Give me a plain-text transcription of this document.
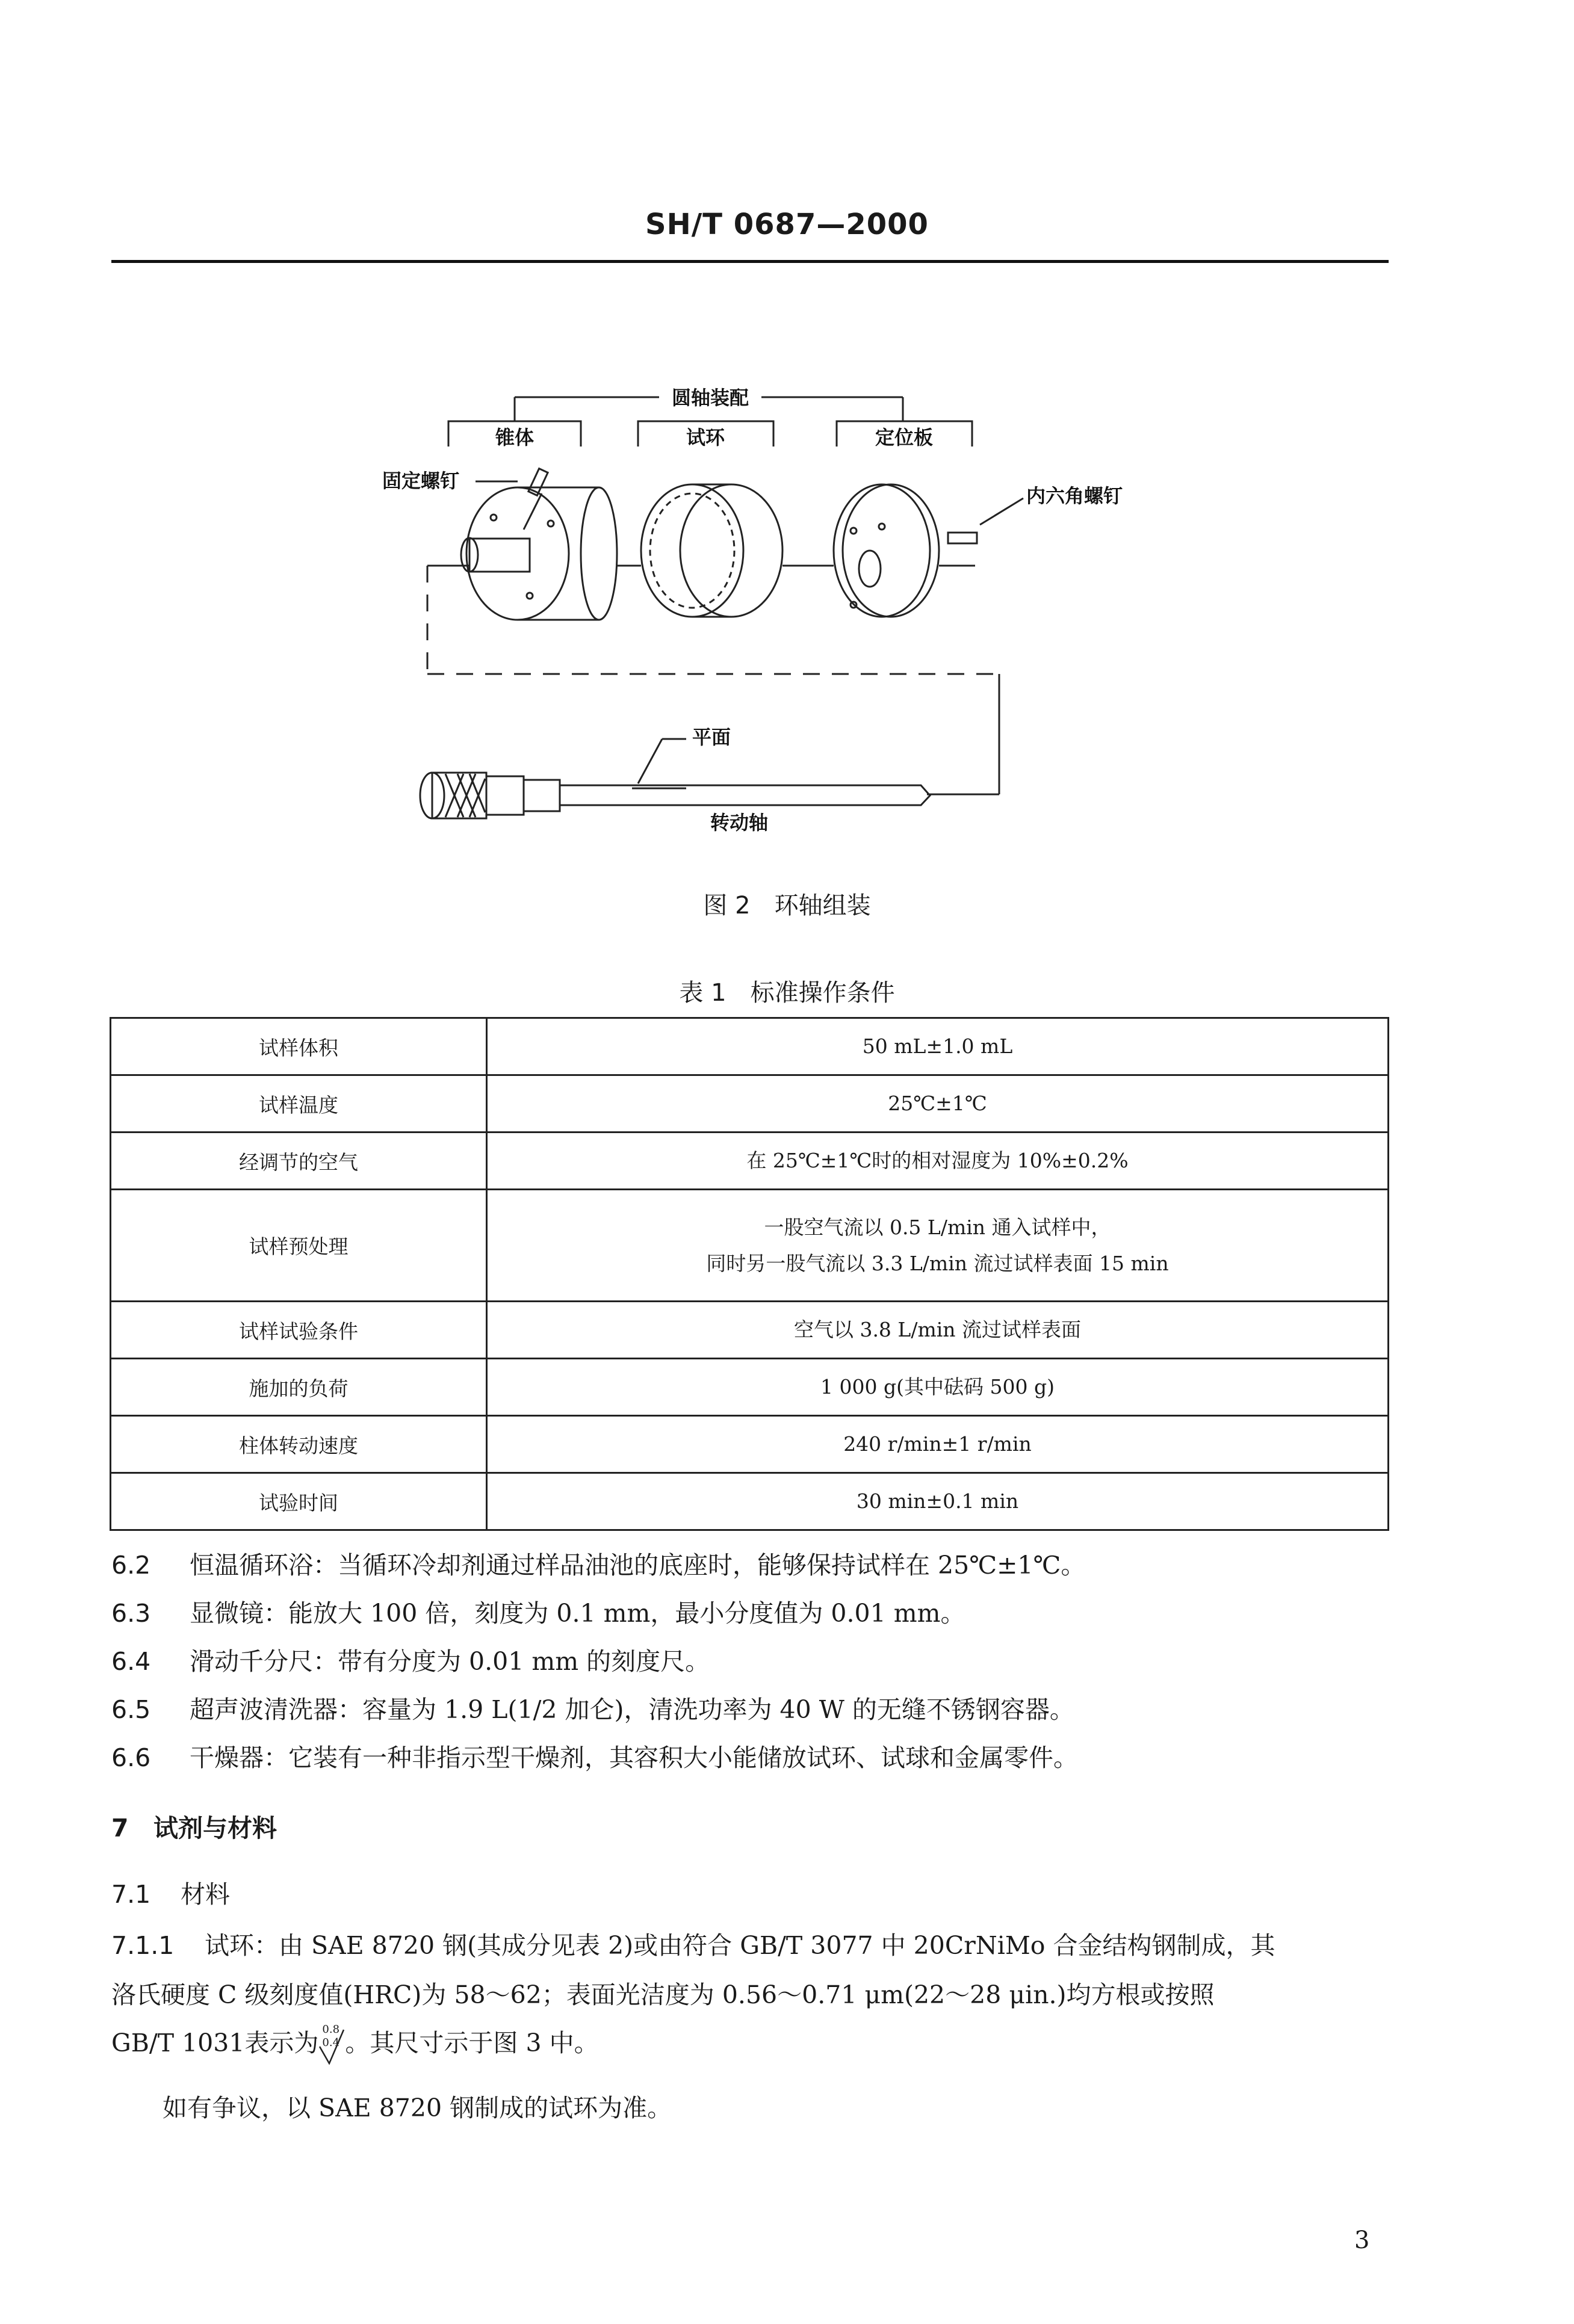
SH/T 0687—2000
圆轴装配
锥体	试环	定位板
固定螺钉
内六角螺钉
平面
转动轴
图 2　环轴组装
表 1　标准操作条件
试样体积	50 mL±1.0 mL

试样温度	25℃±1℃

经调节的空气	在 25℃±1℃时的相对湿度为 10%±0.2%

试样预处理	一股空气流以 0.5 L/min 通入试样中，
同时另一股气流以 3.3 L/min 流过试样表面 15 min

试样试验条件	空气以 3.8 L/min 流过试样表面

施加的负荷	1 000 g(其中砝码 500 g)

柱体转动速度	240 r/min±1 r/min

试验时间	30 min±0.1 min
6.2 恒温循环浴：当循环冷却剂通过样品油池的底座时，能够保持试样在 25℃±1℃。
6.3 显微镜：能放大 100 倍，刻度为 0.1 mm，最小分度值为 0.01 mm。
6.4 滑动千分尺：带有分度为 0.01 mm 的刻度尺。
6.5 超声波清洗器：容量为 1.9 L(1/2 加仑)，清洗功率为 40 W 的无缝不锈钢容器。
6.6 干燥器：它装有一种非指示型干燥剂，其容积大小能储放试环、试球和金属零件。
7 试剂与材料
7.1 材料
7.1.1 试环：由 SAE 8720 钢(其成分见表 2)或由符合 GB/T 3077 中 20CrNiMo 合金结构钢制成，其
洛氏硬度 C 级刻度值(HRC)为 58～62；表面光洁度为 0.56～0.71 μm(22～28 μin.)均方根或按照
GB/T 1031表示为 0.8
0.4 。其尺寸示于图 3 中。
如有争议，以 SAE 8720 钢制成的试环为准。
3
